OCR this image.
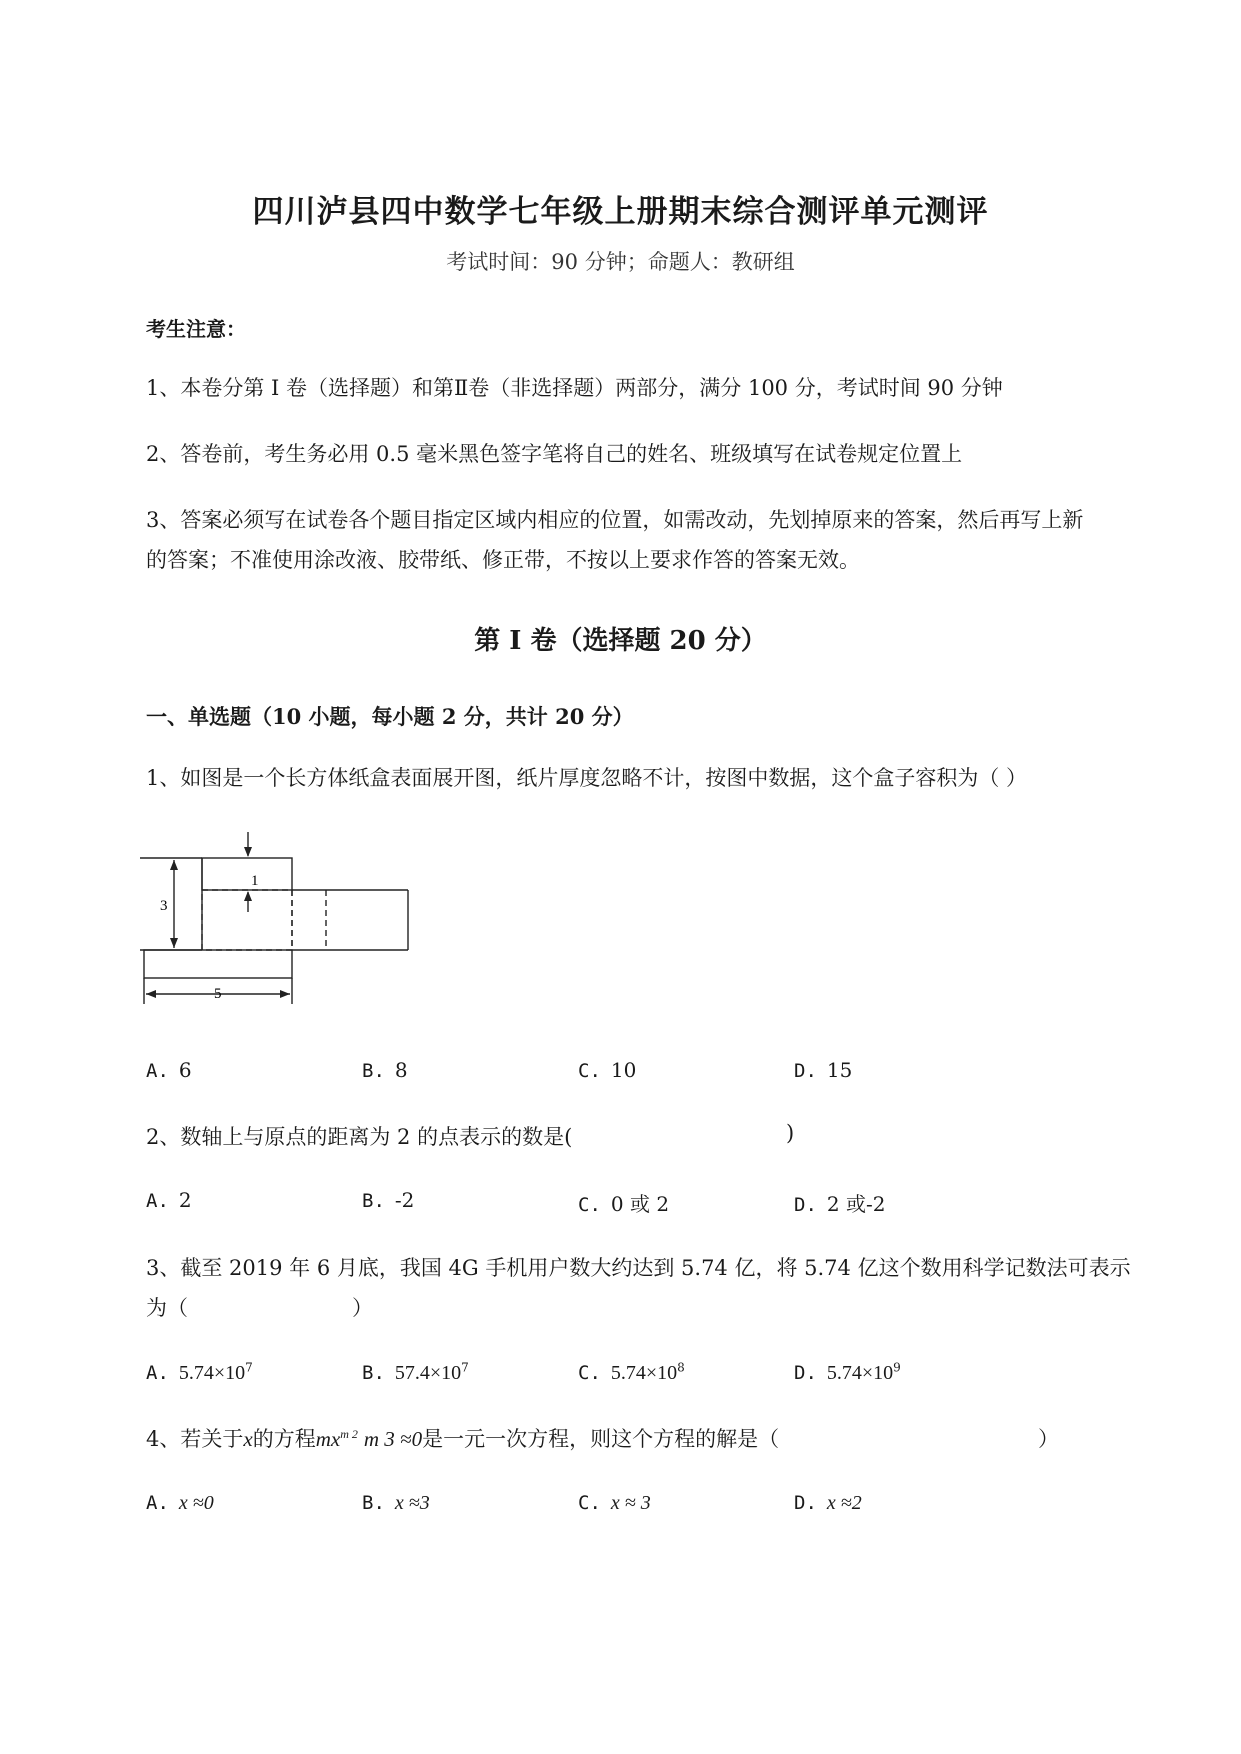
四川泸县四中数学七年级上册期末综合测评单元测评
考试时间：90 分钟；命题人：教研组
考生注意：
1、本卷分第 I 卷（选择题）和第Ⅱ卷（非选择题）两部分，满分 100 分，考试时间 90 分钟
2、答卷前，考生务必用 0.5 毫米黑色签字笔将自己的姓名、班级填写在试卷规定位置上
3、答案必须写在试卷各个题目指定区域内相应的位置，如需改动，先划掉原来的答案，然后再写上新
的答案；不准使用涂改液、胶带纸、修正带，不按以上要求作答的答案无效。
第 I 卷（选择题 20 分）
一、单选题（10 小题，每小题 2 分，共计 20 分）
1、如图是一个长方体纸盒表面展开图，纸片厚度忽略不计，按图中数据，这个盒子容积为（ ）
1
3
5
A. 6	B. 8	C. 10	D. 15
2、数轴上与原点的距离为 2 的点表示的数是(	)
A. 2	B. -2	C. 0 或 2	D. 2 或-2
3、截至 2019 年 6 月底，我国 4G 手机用户数大约达到 5.74 亿，将 5.74 亿这个数用科学记数法可表示
为（	）
A. $5.74\times 10^7$	B. $57.4\times 10^7$	C. $5.74\times 10^8$	D. $5.74\times 10^9$
4、若关于x的方程$mx^{m 2}$ m 3 ≈0是一元一次方程，则这个方程的解是（	）
A. x ≈0	B. x ≈3	C. x ≈ 3	D. x ≈2
